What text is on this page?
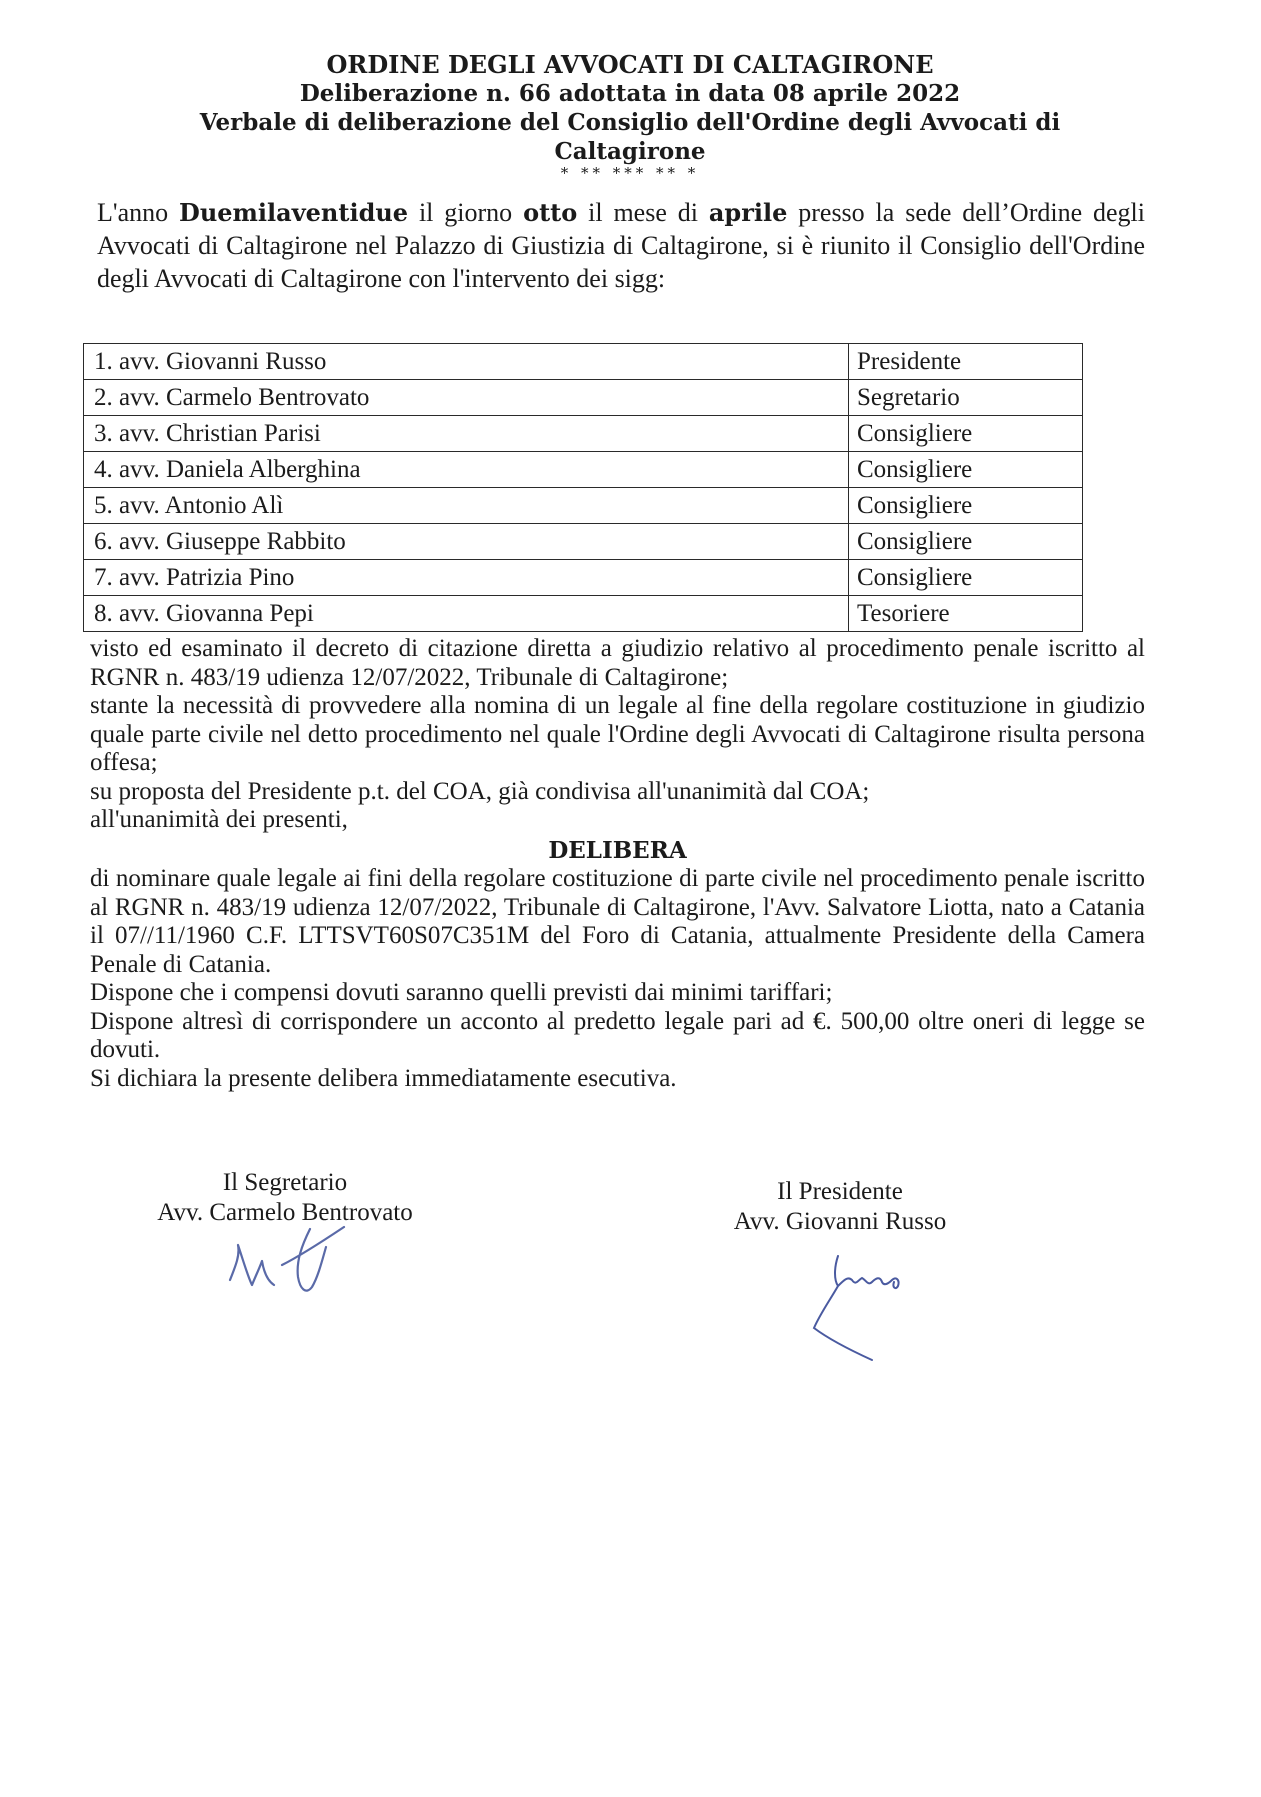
ORDINE DEGLI AVVOCATI DI CALTAGIRONE
Deliberazione n. 66 adottata in data 08 aprile 2022
Verbale di deliberazione del Consiglio dell'Ordine degli Avvocati di Caltagirone
* ** *** ** *
L'anno Duemilaventidue il giorno otto il mese di aprile presso la sede dell’Ordine degli Avvocati di Caltagirone nel Palazzo di Giustizia di Caltagirone, si è riunito il Consiglio dell'Ordine degli Avvocati di Caltagirone con l'intervento dei sigg:
1. avv. Giovanni Russo	Presidente
2. avv. Carmelo Bentrovato	Segretario
3. avv. Christian Parisi	Consigliere
4. avv. Daniela Alberghina	Consigliere
5. avv. Antonio Alì	Consigliere
6. avv. Giuseppe Rabbito	Consigliere
7. avv. Patrizia Pino	Consigliere
8. avv. Giovanna Pepi	Tesoriere

visto ed esaminato il decreto di citazione diretta a giudizio relativo al procedimento penale iscritto al RGNR n. 483/19 udienza 12/07/2022, Tribunale di Caltagirone;

stante la necessità di provvedere alla nomina di un legale al fine della regolare costituzione in giudizio quale parte civile nel detto procedimento nel quale l'Ordine degli Avvocati di Caltagirone risulta persona offesa;

su proposta del Presidente p.t. del COA, già condivisa all'unanimità dal COA;

all'unanimità dei presenti,

DELIBERA

di nominare quale legale ai fini della regolare costituzione di parte civile nel procedimento penale iscritto al RGNR n. 483/19 udienza 12/07/2022, Tribunale di Caltagirone, l'Avv. Salvatore Liotta, nato a Catania il 07//11/1960 C.F. LTTSVT60S07C351M del Foro di Catania, attualmente Presidente della Camera Penale di Catania.

Dispone che i compensi dovuti saranno quelli previsti dai minimi tariffari;

Dispone altresì di corrispondere un acconto al predetto legale pari ad €. 500,00 oltre oneri di legge se dovuti.

Si dichiara la presente delibera immediatamente esecutiva.

Il Segretario
Avv. Carmelo Bentrovato
Il Presidente
Avv. Giovanni Russo
